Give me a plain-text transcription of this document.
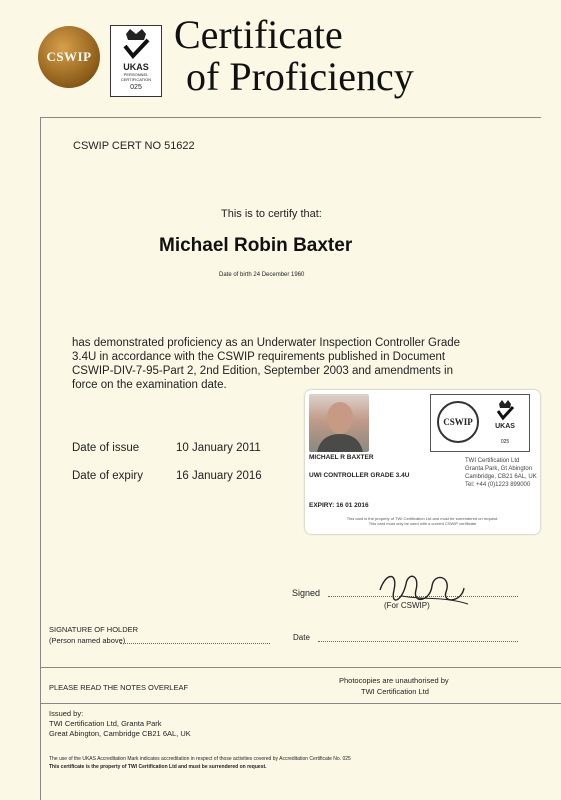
CSWIP
UKAS
PERSONNEL
CERTIFICATION
025
Certificate
of Proficiency
CSWIP CERT NO 51622
This is to certify that:
Michael Robin Baxter
Date of birth 24 December 1960
has demonstrated proficiency as an Underwater Inspection Controller Grade
3.4U in accordance with the CSWIP requirements published in Document
CSWIP-DIV-7-95-Part 2, 2nd Edition, September 2003 and amendments in
force on the examination date.
Date of issue	10 January 2011
Date of expiry	16 January 2016
CSWIP	UKAS
025
MICHAEL R BAXTER
UWI CONTROLLER GRADE 3.4U
TWI Certification Ltd
Granta Park, Gt Abington
Cambridge, CB21 6AL, UK
Tel: +44 (0)1223 899000
EXPIRY: 16 01 2016
This card is the property of TWI Certification Ltd and must be surrendered on request.
This card must only be used with a current CSWIP certificate
Signed
(For CSWIP)
SIGNATURE OF HOLDER
(Person named above)	Date
PLEASE READ THE NOTES OVERLEAF
Photocopies are unauthorised by
TWI Certification Ltd
Issued by:
TWI Certification Ltd, Granta Park
Great Abington, Cambridge CB21 6AL, UK
The use of the UKAS Accreditation Mark indicates accreditation in respect of those activities covered by Accreditation Certificate No. 025
This certificate is the property of TWI Certification Ltd and must be surrendered on request.
